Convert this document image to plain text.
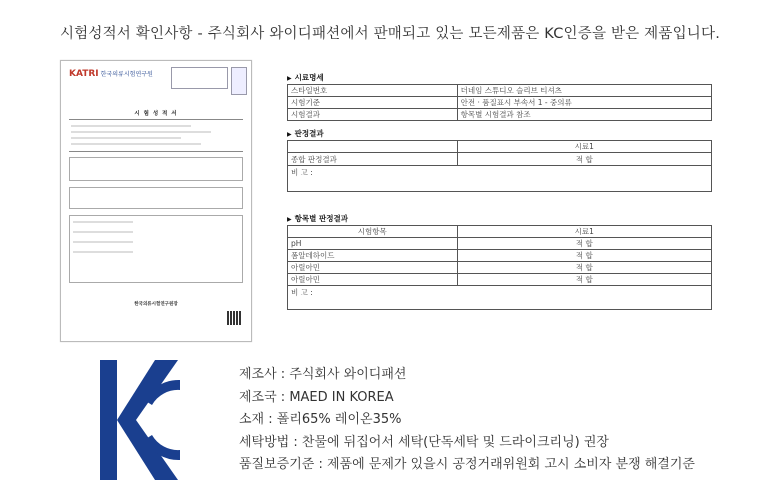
시험성적서 확인사항 - 주식회사 와이디패션에서 판매되고 있는 모든제품은 KC인증을 받은 제품입니다.
KATRI 한국의류시험연구원
시 험 성 적 서
한국의류시험연구원장
▶ 시료명세
스타일번호	더네임 스튜디오 슬리브 티셔츠
시험기준	안전 · 품질표시 부속서 1 - 중의류
시험결과	항목별 시험결과 참조
▶ 판정결과
	시료1
종합 판정결과	적 합
비 고 :	
▶ 항목별 판정결과
시험항목	시료1
pH	적 합
폼알데하이드	적 합
아릴아민	적 합
아릴아민	적 합
비 고 :	
제조사 : 주식회사 와이디패션
제조국 : MAED IN KOREA
소재 : 폴리65% 레이온35%
세탁방법 : 찬물에 뒤집어서 세탁(단독세탁 및 드라이크리닝) 권장
품질보증기준 : 제품에 문제가 있을시 공정거래위원회 고시 소비자 분쟁 해결기준
